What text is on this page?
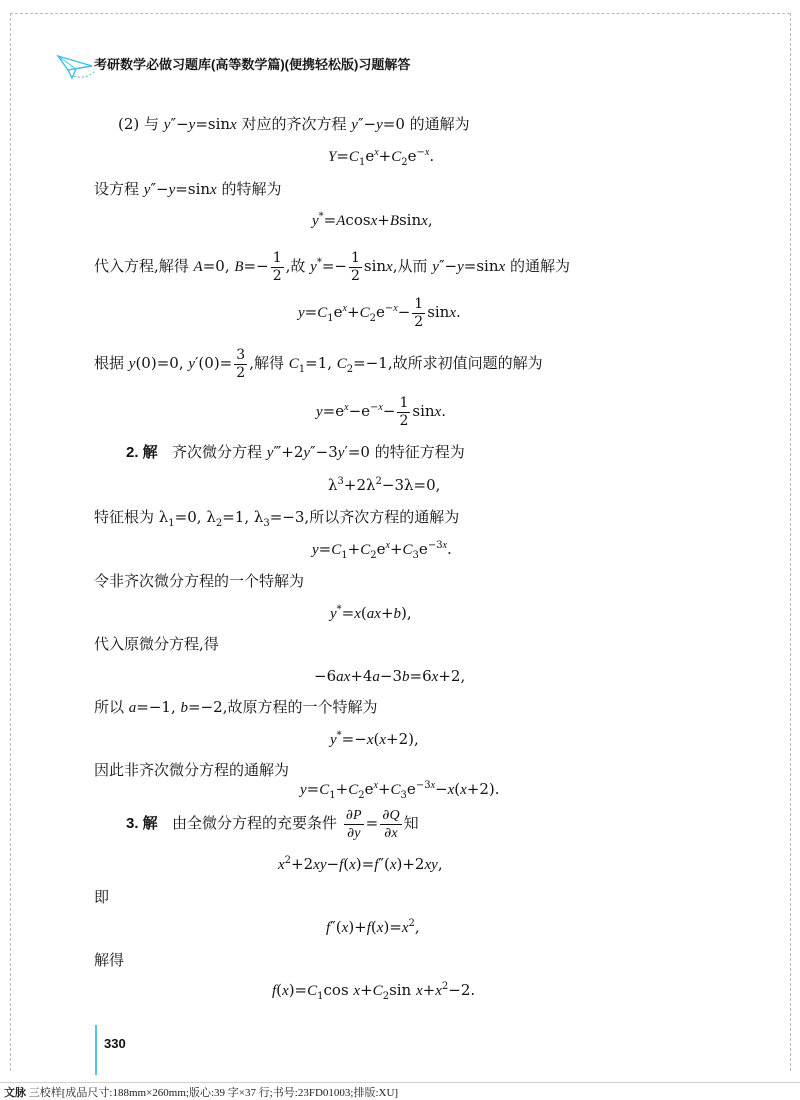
考研数学必做习题库(高等数学篇)(便携轻松版)习题解答
(2) 与 y″−y=sinx 对应的齐次方程 y″−y=0 的通解为
$Y=C_1e^x+C_2e^{-x}$.
设方程 y″−y=sinx 的特解为
y*=Acosx+Bsinx,
代入方程,解得 A=0, $B=- \frac{1}{2}$ ,故 $y^*=- \frac{1}{2} \sin x$,从而 y″−y=sinx 的通解为
$y=C_1e^x+C_2e^{-x}- \frac{1}{2} \sin x$.
根据 y(0)=0, $y'(0)= \frac{3}{2}$ ,解得 $C_1=1$, $C_2=-1$,故所求初值问题的解为
$y=e^x-e^{-x}- \frac{1}{2} \sin x$.
2. 解 齐次微分方程 y‴+2y″−3y′=0 的特征方程为
$\lambda^3+2\lambda^2-3\lambda=0$,
特征根为 $\lambda_1=0$, $\lambda_2=1$, $\lambda_3=-3$,所以齐次方程的通解为
$y=C_1+C_2e^x+C_3e^{-3x}$.
令非齐次微分方程的一个特解为
y*=x(ax+b),
代入原微分方程,得
−6ax+4a−3b=6x+2,
所以 a=−1, b=−2,故原方程的一个特解为
y*=−x(x+2),
因此非齐次微分方程的通解为
$y=C_1+C_2e^x+C_3e^{-3x}-x(x+2)$.
3. 解 由全微分方程的充要条件 $\frac{\partial P}{\partial y} = \frac{\partial Q}{\partial x}$ 知
$x^2+2xy-f(x)=f''(x)+2xy$,
即
$f''(x)+f(x)=x^2$,
解得
$f(x)=C_1\cos$ $x+C_2\sin$ $x+x^2-2$.
330
文脉 三校样[成品尺寸:188mm×260mm;版心:39 字×37 行;书号:23FD01003;排版:XU]
